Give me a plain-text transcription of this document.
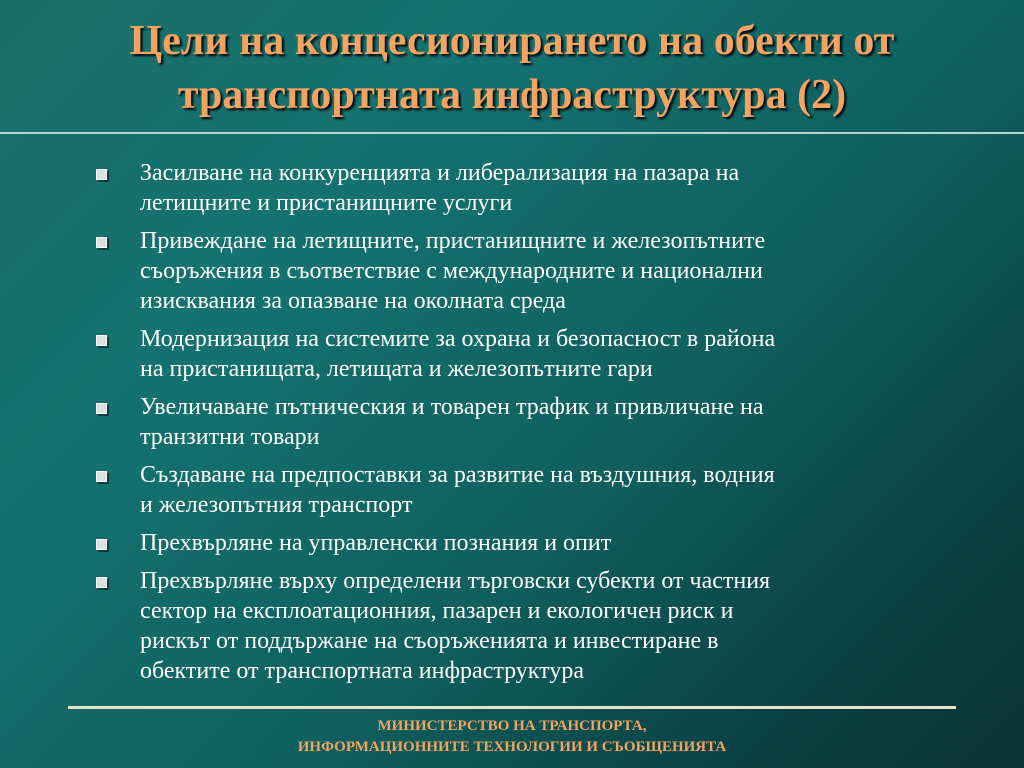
Цели на концесионирането на обекти от
транспортната инфраструктура (2)
Засилване на конкуренцията и либерализация на пазара на
летищните и пристанищните услуги
Привеждане на летищните, пристанищните и железопътните
съоръжения в съответствие с международните и национални
изисквания за опазване на околната среда
Модернизация на системите за охрана и безопасност в района
на пристанищата, летищата и железопътните гари
Увеличаване пътническия и товарен трафик и привличане на
транзитни товари
Създаване на предпоставки за развитие на въздушния, водния
и железопътния транспорт
Прехвърляне на управленски познания и опит
Прехвърляне върху определени търговски субекти от частния
сектор на експлоатационния, пазарен и екологичен риск и
рискът от поддържане на съоръженията и инвестиране в
обектите от транспортната инфраструктура
МИНИСТЕРСТВО НА ТРАНСПОРТА,
ИНФОРМАЦИОННИТЕ ТЕХНОЛОГИИ И СЪОБЩЕНИЯТА
